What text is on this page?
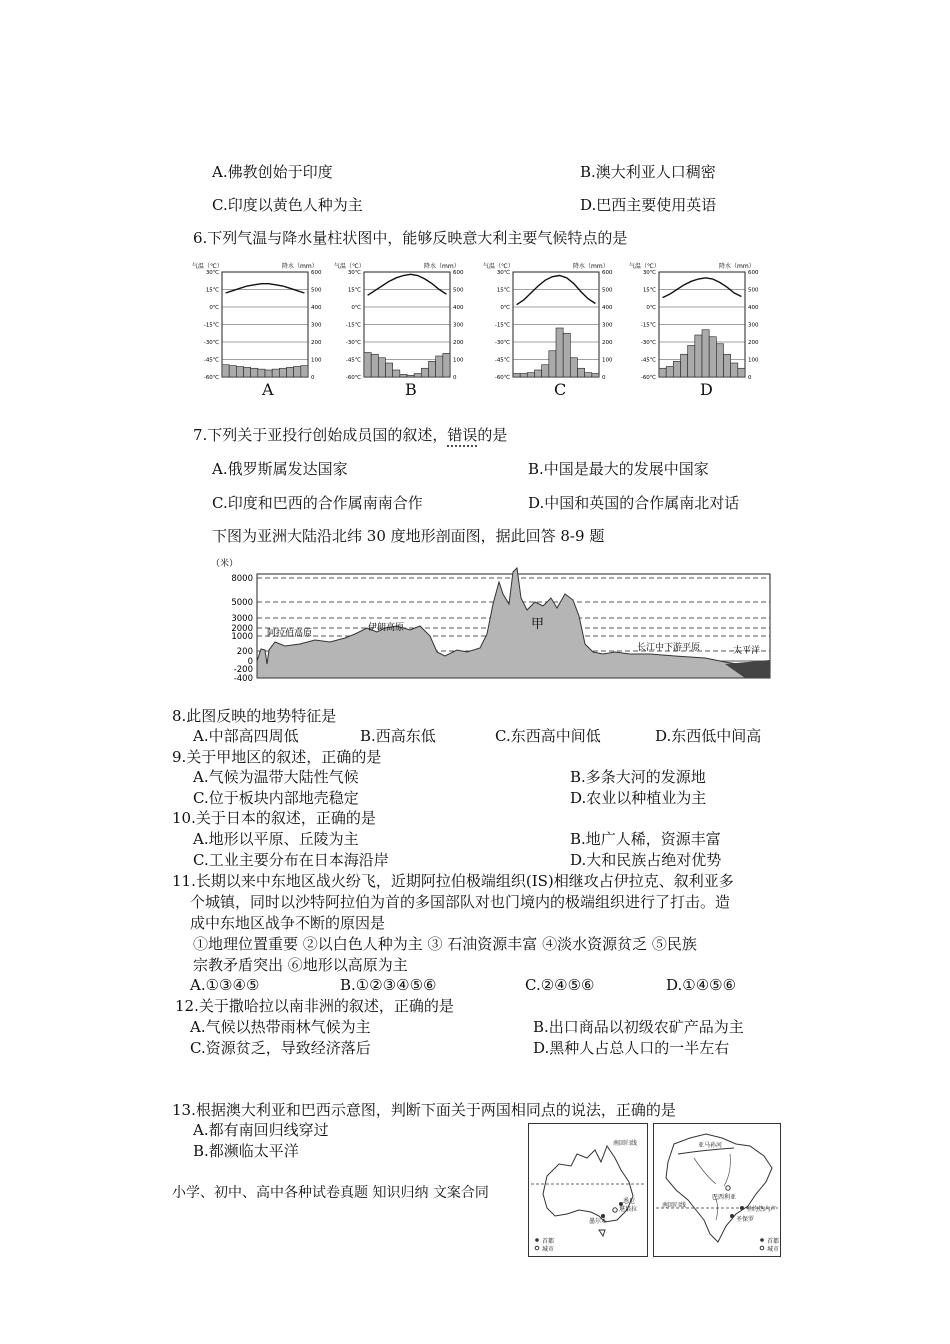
A.佛教创始于印度	B.澳大利亚人口稠密
C.印度以黄色人种为主	D.巴西主要使用英语
6.下列气温与降水量柱状图中，能够反映意大利主要气候特点的是
气温（℃）	降水（mm）
30℃	600
15℃	500
0℃	400
-15℃	300
-30℃	200
-45℃	100
-60℃	0
气温（℃）	降水（mm）
30℃	600
15℃	500
0℃	400
-15℃	300
-30℃	200
-45℃	100
-60℃	0
气温（℃）	降水（mm）
30℃	600
15℃	500
0℃	400
-15℃	300
-30℃	200
-45℃	100
-60℃	0
气温（℃）	降水（mm）
30℃	600
15℃	500
0℃	400
-15℃	300
-30℃	200
-45℃	100
-60℃	0
A	B	C	D
7.下列关于亚投行创始成员国的叙述，错误的是
A.俄罗斯属发达国家	B.中国是最大的发展中国家
C.印度和巴西的合作属南南合作	D.中国和英国的合作属南北对话
下图为亚洲大陆沿北纬 30 度地形剖面图，据此回答 8-9 题
（米）
8000
5000
3000
2000
1000
200
0
-200
-400
阿拉伯高原
伊朗高原	甲
长江中下游平原	太平洋
8.此图反映的地势特征是
A.中部高四周低	B.西高东低	C.东西高中间低	D.东西低中间高
9.关于甲地区的叙述，正确的是
A.气候为温带大陆性气候	B.多条大河的发源地
C.位于板块内部地壳稳定	D.农业以种植业为主
10.关于日本的叙述，正确的是
A.地形以平原、丘陵为主	B.地广人稀，资源丰富
C.工业主要分布在日本海沿岸	D.大和民族占绝对优势
11.长期以来中东地区战火纷飞，近期阿拉伯极端组织(IS)相继攻占伊拉克、叙利亚多
个城镇，同时以沙特阿拉伯为首的多国部队对也门境内的极端组织进行了打击。造
成中东地区战争不断的原因是
①地理位置重要 ②以白色人种为主 ③ 石油资源丰富 ④淡水资源贫乏 ⑤民族
宗教矛盾突出 ⑥地形以高原为主
A.①③④⑤	B.①②③④⑤⑥	C.②④⑤⑥	D.①④⑤⑥
12.关于撒哈拉以南非洲的叙述，正确的是
A.气候以热带雨林气候为主	B.出口商品以初级农矿产品为主
C.资源贫乏，导致经济落后	D.黑种人占总人口的一半左右
13.根据澳大利亚和巴西示意图，判断下面关于两国相同点的说法，正确的是
A.都有南回归线穿过
B.都濒临太平洋
小学、初中、高中各种试卷真题 知识归纳 文案合同
南回归线
悉尼
堪培拉
墨尔本
首都
城市
亚马孙河
巴西利亚
里约热内卢
圣保罗
南回归线
首都
城市
